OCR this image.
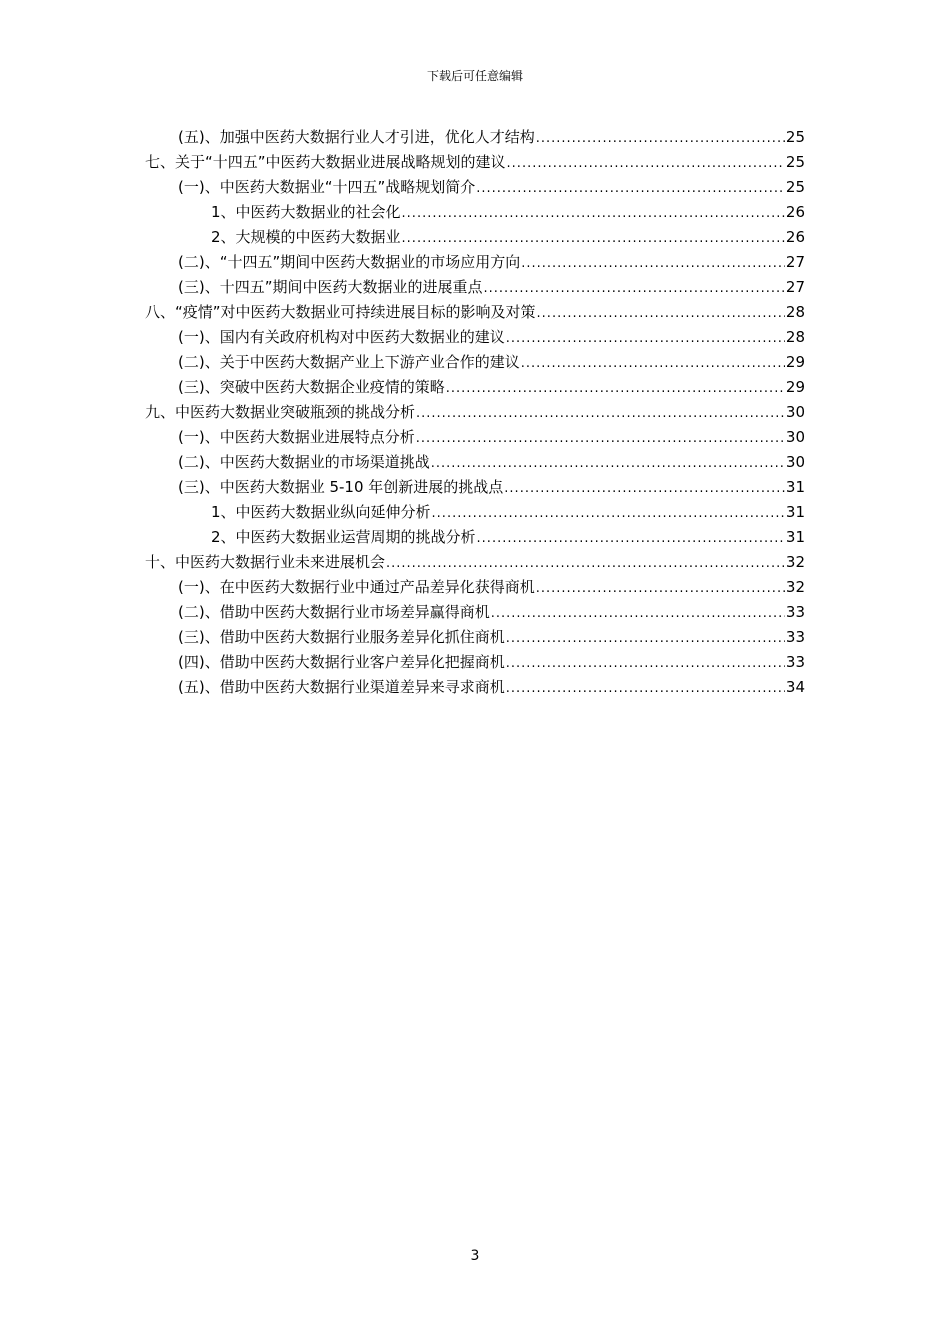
下载后可任意编辑
(五)、加强中医药大数据行业人才引进，优化人才结构 .....	25
七、关于“十四五”中医药大数据业进展战略规划的建议 .....	25
(一)、中医药大数据业“十四五”战略规划简介 .....	25
1、中医药大数据业的社会化 .....	26
2、大规模的中医药大数据业 .....	26
(二)、“十四五”期间中医药大数据业的市场应用方向 .....	27
(三)、十四五”期间中医药大数据业的进展重点 .....	27
八、“疫情”对中医药大数据业可持续进展目标的影响及对策 .....	28
(一)、国内有关政府机构对中医药大数据业的建议 .....	28
(二)、关于中医药大数据产业上下游产业合作的建议 .....	29
(三)、突破中医药大数据企业疫情的策略 .....	29
九、中医药大数据业突破瓶颈的挑战分析 .....	30
(一)、中医药大数据业进展特点分析 .....	30
(二)、中医药大数据业的市场渠道挑战 .....	30
(三)、中医药大数据业 5-10 年创新进展的挑战点 .....	31
1、中医药大数据业纵向延伸分析 .....	31
2、中医药大数据业运营周期的挑战分析 .....	31
十、中医药大数据行业未来进展机会 .....	32
(一)、在中医药大数据行业中通过产品差异化获得商机 .....	32
(二)、借助中医药大数据行业市场差异赢得商机 .....	33
(三)、借助中医药大数据行业服务差异化抓住商机 .....	33
(四)、借助中医药大数据行业客户差异化把握商机 .....	33
(五)、借助中医药大数据行业渠道差异来寻求商机 .....	34
3
